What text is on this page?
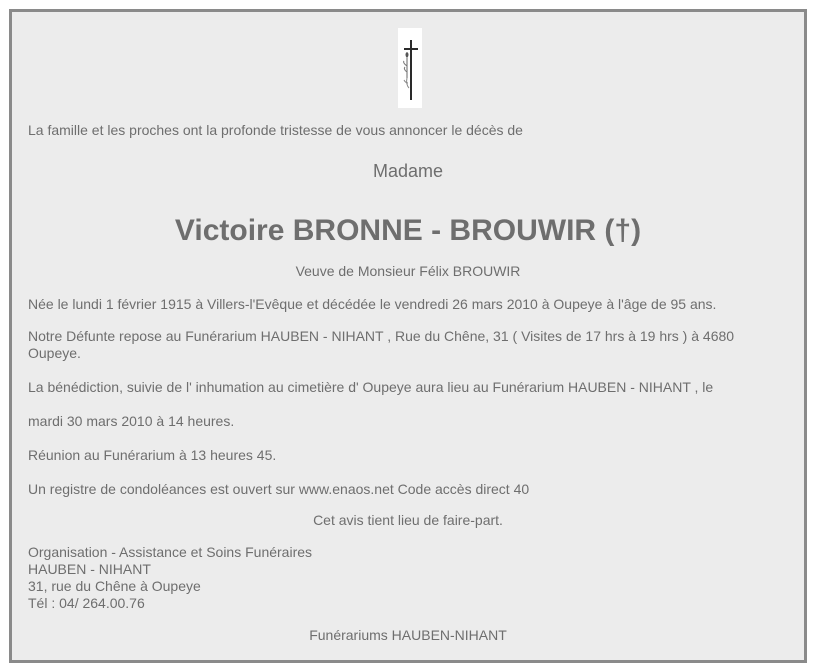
La famille et les proches ont la profonde tristesse de vous annoncer le décès de

Madame

Victoire BRONNE - BROUWIR (†)

Veuve de Monsieur Félix BROUWIR

Née le lundi 1 février 1915 à Villers-l'Evêque et décédée le vendredi 26 mars 2010 à Oupeye à l'âge de 95 ans.

Notre Défunte repose au Funérarium HAUBEN - NIHANT , Rue du Chêne, 31 ( Visites de 17 hrs à 19 hrs ) à 4680 Oupeye.

La bénédiction, suivie de l' inhumation au cimetière d' Oupeye aura lieu au Funérarium HAUBEN - NIHANT , le

mardi 30 mars 2010 à 14 heures.

Réunion au Funérarium à 13 heures 45.

Un registre de condoléances est ouvert sur www.enaos.net Code accès direct 40

Cet avis tient lieu de faire-part.

Organisation - Assistance et Soins Funéraires
HAUBEN - NIHANT
31, rue du Chêne à Oupeye
Tél : 04/ 264.00.76

Funérariums HAUBEN-NIHANT
